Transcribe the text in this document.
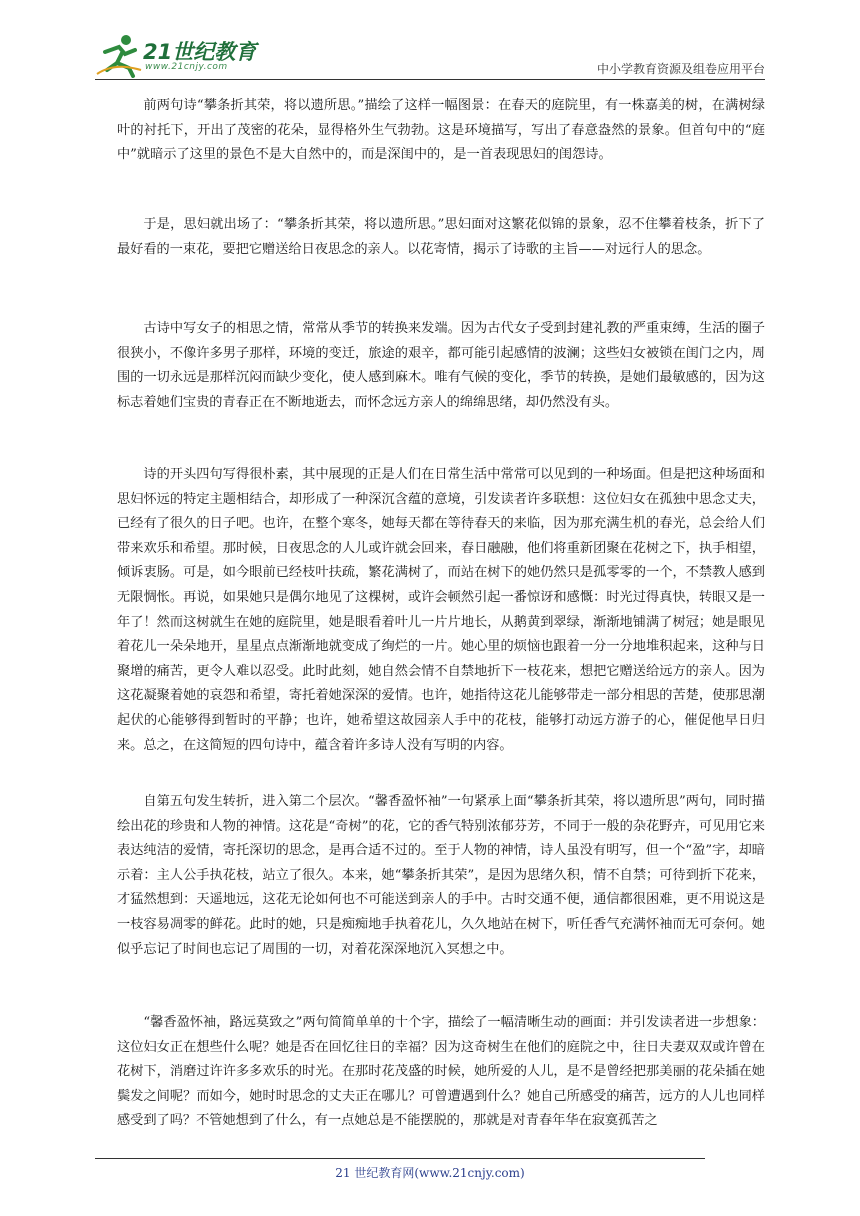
21世纪教育
www.21cnjy.com	中小学教育资源及组卷应用平台

前两句诗“攀条折其荣，将以遗所思。”描绘了这样一幅图景：在春天的庭院里，有一株嘉美的树，在满树绿叶的衬托下，开出了茂密的花朵，显得格外生气勃勃。这是环境描写，写出了春意盎然的景象。但首句中的“庭中”就暗示了这里的景色不是大自然中的，而是深闺中的，是一首表现思妇的闺怨诗。

于是，思妇就出场了：“攀条折其荣，将以遗所思。”思妇面对这繁花似锦的景象，忍不住攀着枝条，折下了最好看的一束花，要把它赠送给日夜思念的亲人。以花寄情，揭示了诗歌的主旨——对远行人的思念。

古诗中写女子的相思之情，常常从季节的转换来发端。因为古代女子受到封建礼教的严重束缚，生活的圈子很狭小，不像许多男子那样，环境的变迁，旅途的艰辛，都可能引起感情的波澜；这些妇女被锁在闺门之内，周围的一切永远是那样沉闷而缺少变化，使人感到麻木。唯有气候的变化，季节的转换，是她们最敏感的，因为这标志着她们宝贵的青春正在不断地逝去，而怀念远方亲人的绵绵思绪，却仍然没有头。

诗的开头四句写得很朴素，其中展现的正是人们在日常生活中常常可以见到的一种场面。但是把这种场面和思妇怀远的特定主题相结合，却形成了一种深沉含蕴的意境，引发读者许多联想：这位妇女在孤独中思念丈夫，已经有了很久的日子吧。也许，在整个寒冬，她每天都在等待春天的来临，因为那充满生机的春光，总会给人们带来欢乐和希望。那时候，日夜思念的人儿或许就会回来，春日融融，他们将重新团聚在花树之下，执手相望，倾诉衷肠。可是，如今眼前已经枝叶扶疏，繁花满树了，而站在树下的她仍然只是孤零零的一个，不禁教人感到无限惆怅。再说，如果她只是偶尔地见了这棵树，或许会顿然引起一番惊讶和感慨：时光过得真快，转眼又是一年了！然而这树就生在她的庭院里，她是眼看着叶儿一片片地长，从鹅黄到翠绿，渐渐地铺满了树冠；她是眼见着花儿一朵朵地开，星星点点渐渐地就变成了绚烂的一片。她心里的烦恼也跟着一分一分地堆积起来，这种与日聚增的痛苦，更令人难以忍受。此时此刻，她自然会情不自禁地折下一枝花来，想把它赠送给远方的亲人。因为这花凝聚着她的哀怨和希望，寄托着她深深的爱情。也许，她指待这花儿能够带走一部分相思的苦楚，使那思潮起伏的心能够得到暂时的平静；也许，她希望这故园亲人手中的花枝，能够打动远方游子的心，催促他早日归来。总之，在这简短的四句诗中，蕴含着许多诗人没有写明的内容。

自第五句发生转折，进入第二个层次。“馨香盈怀袖”一句紧承上面“攀条折其荣，将以遗所思”两句，同时描绘出花的珍贵和人物的神情。这花是“奇树”的花，它的香气特别浓郁芬芳，不同于一般的杂花野卉，可见用它来表达纯洁的爱情，寄托深切的思念，是再合适不过的。至于人物的神情，诗人虽没有明写，但一个“盈”字，却暗示着：主人公手执花枝，站立了很久。本来，她“攀条折其荣”，是因为思绪久积，情不自禁；可待到折下花来，才猛然想到：天遥地远，这花无论如何也不可能送到亲人的手中。古时交通不便，通信都很困难，更不用说这是一枝容易凋零的鲜花。此时的她，只是痴痴地手执着花儿，久久地站在树下，听任香气充满怀袖而无可奈何。她似乎忘记了时间也忘记了周围的一切，对着花深深地沉入冥想之中。

“馨香盈怀袖，路远莫致之”两句简简单单的十个字，描绘了一幅清晰生动的画面：并引发读者进一步想象：这位妇女正在想些什么呢？她是否在回忆往日的幸福？因为这奇树生在他们的庭院之中，往日夫妻双双或许曾在花树下，消磨过许许多多欢乐的时光。在那时花茂盛的时候，她所爱的人儿，是不是曾经把那美丽的花朵插在她鬓发之间呢？而如今，她时时思念的丈夫正在哪儿？可曾遭遇到什么？她自己所感受的痛苦，远方的人儿也同样感受到了吗？不管她想到了什么，有一点她总是不能摆脱的，那就是对青春年华在寂寞孤苦之

21 世纪教育网(www.21cnjy.com)
